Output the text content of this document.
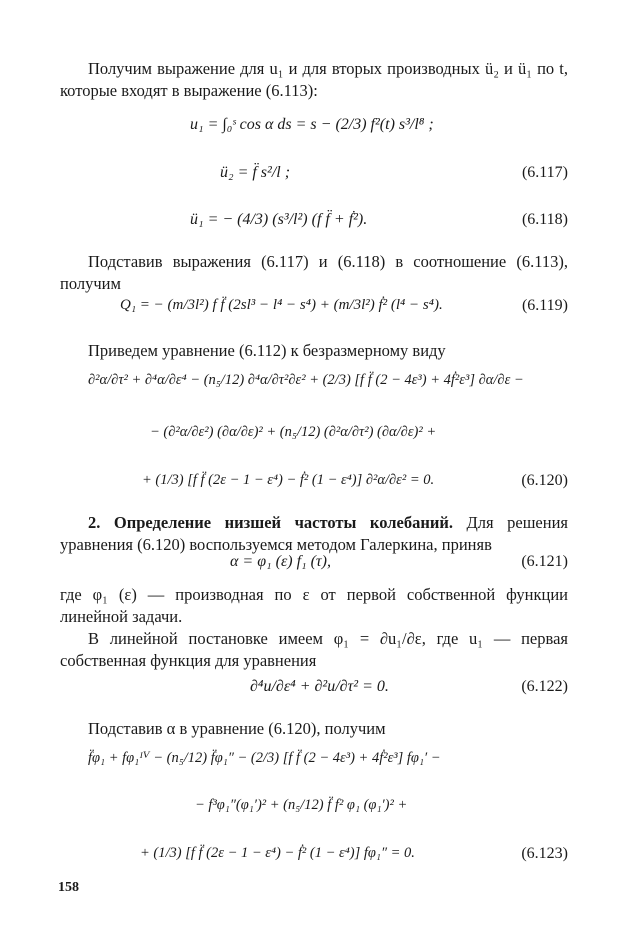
Получим выражение для u₁ и для вторых производных ü₂ и ü₁ по t, которые входят в выражение (6.113):
u₁ = ∫₀ˢ cos α ds = s − (2/3) f²(t) s³/l⁸ ;
ü₂ = f̈ s²/l ;	(6.117)
ü₁ = − (4/3) (s³/l²) (f f̈ + ḟ²).	(6.118)
Подставив выражения (6.117) и (6.118) в соотношение (6.113), получим
Q₁ = − (m/3l²) f f̈ (2sl³ − l⁴ − s⁴) + (m/3l²) ḟ² (l⁴ − s⁴).	(6.119)
Приведем уравнение (6.112) к безразмерному виду
∂²α/∂τ² + ∂⁴α/∂ε⁴ − (n₅/12) ∂⁴α/∂τ²∂ε² + (2/3) [f f̈ (2 − 4ε³) + 4ḟ²ε³] ∂α/∂ε −
− (∂²α/∂ε²) (∂α/∂ε)² + (n₅/12) (∂²α/∂τ²) (∂α/∂ε)² +
+ (1/3) [f f̈ (2ε − 1 − ε⁴) − ḟ² (1 − ε⁴)] ∂²α/∂ε² = 0.	(6.120)
2. Определение низшей частоты колебаний. Для решения уравнения (6.120) воспользуемся методом Галеркина, приняв
α = φ₁ (ε) f₁ (τ),	(6.121)
где φ₁ (ε) — производная по ε от первой собственной функции линейной задачи.
В линейной постановке имеем φ₁ = ∂u₁/∂ε, где u₁ — первая собственная функция для уравнения
∂⁴u/∂ε⁴ + ∂²u/∂τ² = 0.	(6.122)
Подставив α в уравнение (6.120), получим
f̈φ₁ + fφ₁ᴵⱽ − (n₅/12) f̈φ₁″ − (2/3) [f f̈ (2 − 4ε³) + 4ḟ²ε³] fφ₁′ −
− f³φ₁″(φ₁′)² + (n₅/12) f̈ f² φ₁ (φ₁′)² +
+ (1/3) [f f̈ (2ε − 1 − ε⁴) − ḟ² (1 − ε⁴)] fφ₁″ = 0.	(6.123)
158
